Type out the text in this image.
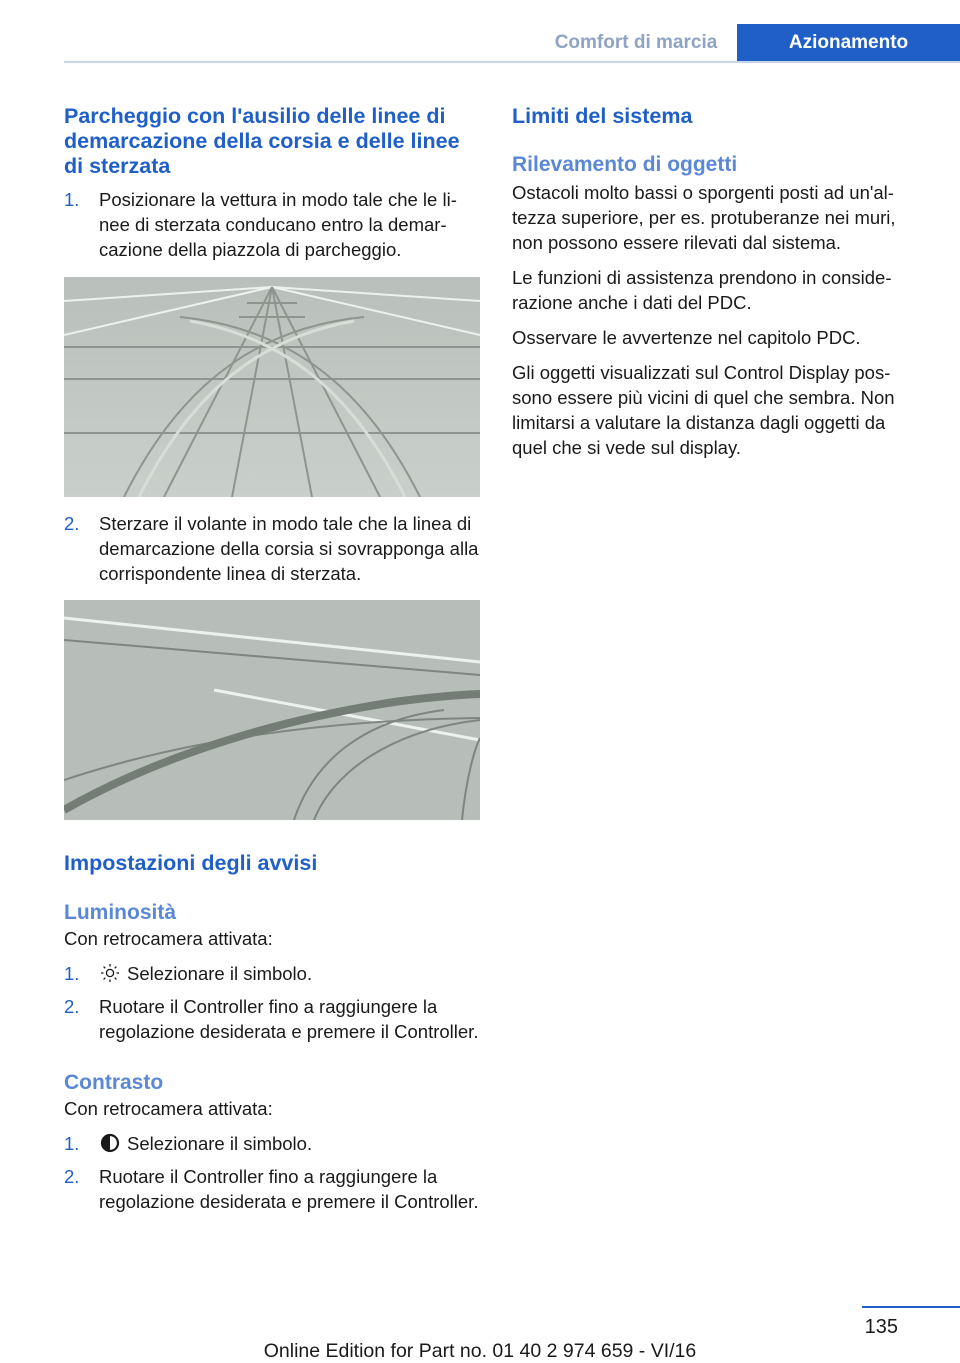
Comfort di marcia	Azionamento
Parcheggio con l'ausilio delle linee di demarcazione della corsia e delle linee di sterzata
1. Posizionare la vettura in modo tale che le linee di sterzata conducano entro la demarcazione della piazzola di parcheggio.

2. Sterzare il volante in modo tale che la linea di demarcazione della corsia si sovrapponga alla corrispondente linea di sterzata.

Impostazioni degli avvisi
Luminosità

Con retrocamera attivata:

1.	Selezionare il simbolo.

2. Ruotare il Controller fino a raggiungere la regolazione desiderata e premere il Controller.

Contrasto

Con retrocamera attivata:

1.	Selezionare il simbolo.

2. Ruotare il Controller fino a raggiungere la regolazione desiderata e premere il Controller.

Limiti del sistema
Rilevamento di oggetti

Ostacoli molto bassi o sporgenti posti ad un'altezza superiore, per es. protuberanze nei muri, non possono essere rilevati dal sistema.

Le funzioni di assistenza prendono in considerazione anche i dati del PDC.

Osservare le avvertenze nel capitolo PDC.

Gli oggetti visualizzati sul Control Display possono essere più vicini di quel che sembra. Non limitarsi a valutare la distanza dagli oggetti da quel che si vede sul display.

135
Online Edition for Part no. 01 40 2 974 659 - VI/16
